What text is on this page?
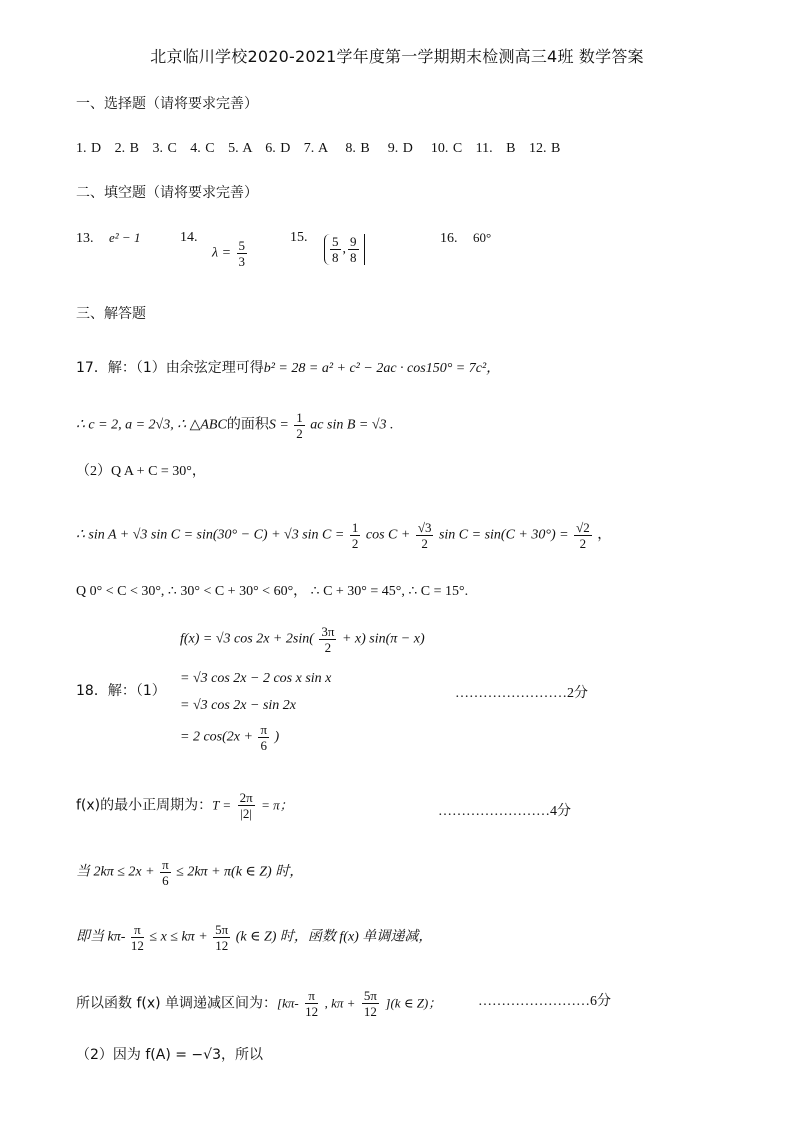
北京临川学校2020-2021学年度第一学期期末检测高三4班 数学答案
一、选择题（请将要求完善）
1. D   2. B   3. C   4. C   5. A   6. D   7. A    8. B    9. D    10. C   11.   B   12. B
二、填空题（请将要求完善）
13. e² − 1	14.
$\lambda = \frac{5}{3}$
15. $\frac{5}{8}$ , $\frac{9}{8}$	16. 60°
三、解答题
17．解：（1）由余弦定理可得b² = 28 = a² + c² − 2ac · cos150° = 7c²，
∴ c = 2, a = 2√3, ∴ △ABC的面积$S = \frac{1}{2}$ ac sin B = √3 .
（2）Q A + C = 30°，
∴ sin A + √3 sin C = sin(30° − C) + √3 $\sin C = \frac{1}{2}$ $\cos C + \frac{√3}{2}$ $\sin C = \sin(C + 30^\circ) = \frac{√2}{2}$ ，
Q 0° < C < 30°, ∴ 30° < C + 30° < 60°， ∴ C + 30° = 45°, ∴ C = 15°.
f(x) = √3 $\cos 2x + 2\sin( \frac{3\pi}{2} + x)$ sin(π − x)
= √3 cos 2x − 2 cos x sin x
18．解：（1）	……………………2分
= √3 cos 2x − sin 2x
= 2 $\cos(2x + \frac{\pi}{6}$ )
f(x)的最小正周期为：$T = \frac{2\pi}{|2|} = \pi$；	……………………4分
当 $2k\pi \le 2x + \frac{\pi}{6} \le 2k\pi + \pi(k$ ∈ Z) 时，
即当 $k\pi- \frac{\pi}{12} \le x \le k\pi + \frac{5\pi}{12} (k$ ∈ Z) 时，函数 f(x) 单调递减，
所以函数 f(x) 单调递减区间为：[$k\pi- \frac{\pi}{12}$ , $k\pi + \frac{5\pi}{12} ](k$ ∈ Z)；	……………………6分
（2）因为 f(A) = −√3，所以
